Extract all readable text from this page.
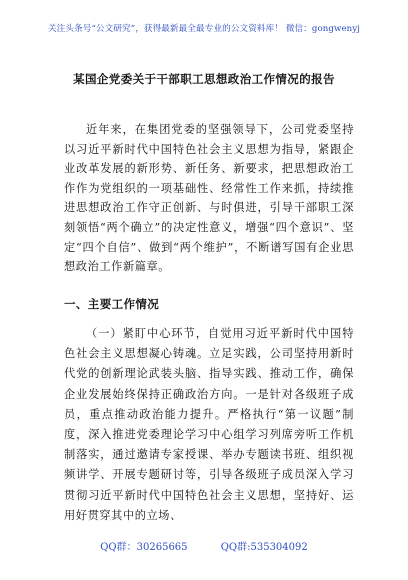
关注头条号“公文研究”，获得最新最全最专业的公文资料库！ 微信：gongwenyj
某国企党委关于干部职工思想政治工作情况的报告
近年来，在集团党委的坚强领导下，公司党委坚持以习近平新时代中国特色社会主义思想为指导，紧跟企业改革发展的新形势、新任务、新要求，把思想政治工作作为党组织的一项基础性、经常性工作来抓，持续推进思想政治工作守正创新、与时俱进，引导干部职工深刻领悟“两个确立”的决定性意义，增强“四个意识”、坚定“四个自信”、做到“两个维护”，不断谱写国有企业思想政治工作新篇章。
一、主要工作情况
（一）紧盯中心环节，自觉用习近平新时代中国特色社会主义思想凝心铸魂。立足实践，公司坚持用新时代党的创新理论武装头脑、指导实践、推动工作，确保企业发展始终保持正确政治方向。一是针对各级班子成员，重点推动政治能力提升。严格执行“第一议题”制度，深入推进党委理论学习中心组学习列席旁听工作机制落实，通过邀请专家授课、举办专题读书班、组织视频讲学、开展专题研讨等，引导各级班子成员深入学习贯彻习近平新时代中国特色社会主义思想，坚持好、运用好贯穿其中的立场、
QQ群：30265665	QQ群:535304092
